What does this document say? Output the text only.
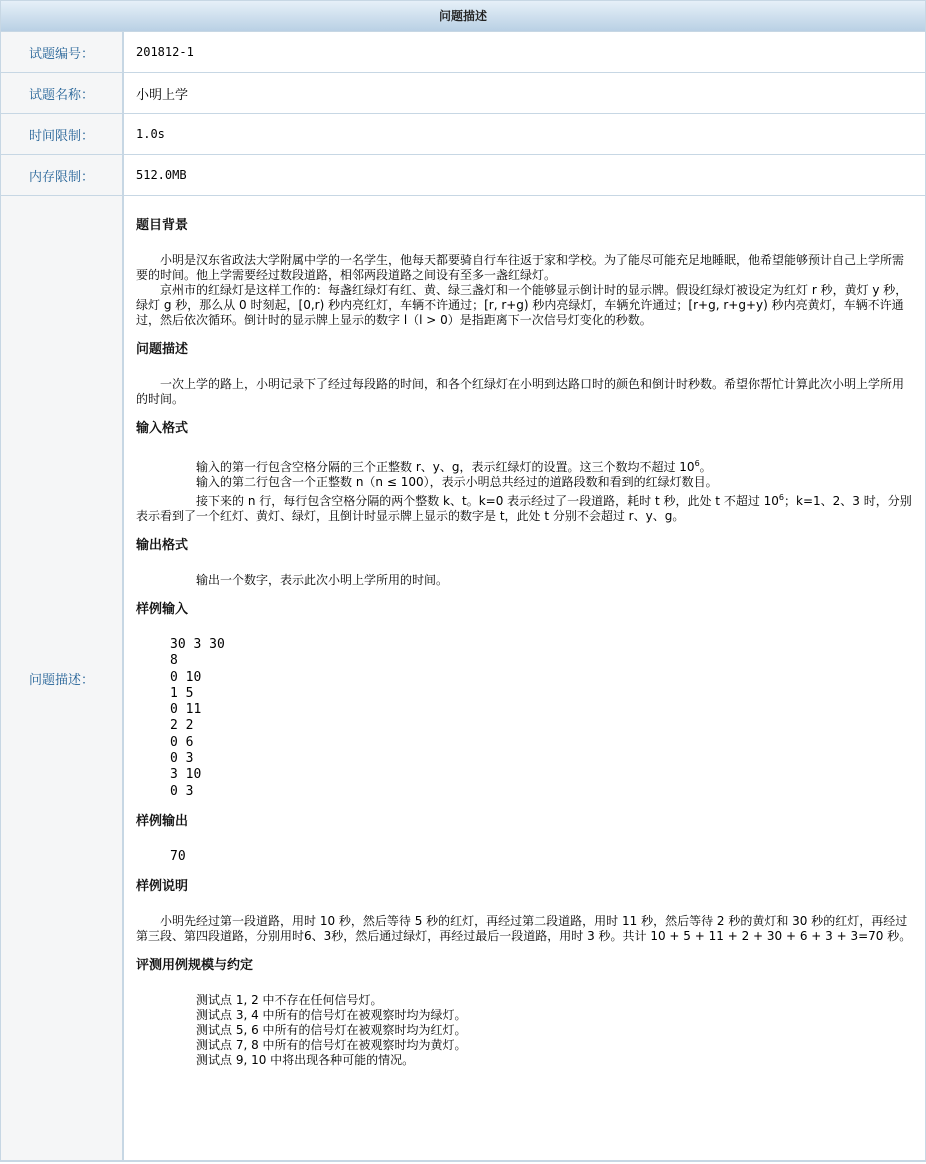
问题描述
试题编号：	201812-1
试题名称：	小明上学
时间限制：	1.0s
内存限制：	512.0MB
问题描述：
题目背景

小明是汉东省政法大学附属中学的一名学生，他每天都要骑自行车往返于家和学校。为了能尽可能充足地睡眠，他希望能够预计自己上学所需要的时间。他上学需要经过数段道路，相邻两段道路之间设有至多一盏红绿灯。

京州市的红绿灯是这样工作的：每盏红绿灯有红、黄、绿三盏灯和一个能够显示倒计时的显示牌。假设红绿灯被设定为红灯 r 秒，黄灯 y 秒，绿灯 g 秒，那么从 0 时刻起，[0,r) 秒内亮红灯，车辆不许通过；[r, r+g) 秒内亮绿灯，车辆允许通过；[r+g, r+g+y) 秒内亮黄灯，车辆不许通过，然后依次循环。倒计时的显示牌上显示的数字 l（l > 0）是指距离下一次信号灯变化的秒数。

问题描述

一次上学的路上，小明记录下了经过每段路的时间，和各个红绿灯在小明到达路口时的颜色和倒计时秒数。希望你帮忙计算此次小明上学所用的时间。

输入格式

输入的第一行包含空格分隔的三个正整数 r、y、g，表示红绿灯的设置。这三个数均不超过 $10^6$。

输入的第二行包含一个正整数 n（n ≤ 100），表示小明总共经过的道路段数和看到的红绿灯数目。

接下来的 n 行，每行包含空格分隔的两个整数 k、t。k=0 表示经过了一段道路，耗时 t 秒，此处 t 不超过 $10^6$；k=1、2、3 时，分别表示看到了一个红灯、黄灯、绿灯，且倒计时显示牌上显示的数字是 t，此处 t 分别不会超过 r、y、g。

输出格式

输出一个数字，表示此次小明上学所用的时间。

样例输入
30 3 30
8
0 10
1 5
0 11
2 2
0 6
0 3
3 10
0 3
样例输出
70
样例说明

小明先经过第一段道路，用时 10 秒，然后等待 5 秒的红灯，再经过第二段道路，用时 11 秒，然后等待 2 秒的黄灯和 30 秒的红灯，再经过第三段、第四段道路，分别用时6、3秒，然后通过绿灯，再经过最后一段道路，用时 3 秒。共计 10 + 5 + 11 + 2 + 30 + 6 + 3 + 3=70 秒。

评测用例规模与约定
测试点 1, 2 中不存在任何信号灯。
测试点 3, 4 中所有的信号灯在被观察时均为绿灯。
测试点 5, 6 中所有的信号灯在被观察时均为红灯。
测试点 7, 8 中所有的信号灯在被观察时均为黄灯。
测试点 9, 10 中将出现各种可能的情况。
